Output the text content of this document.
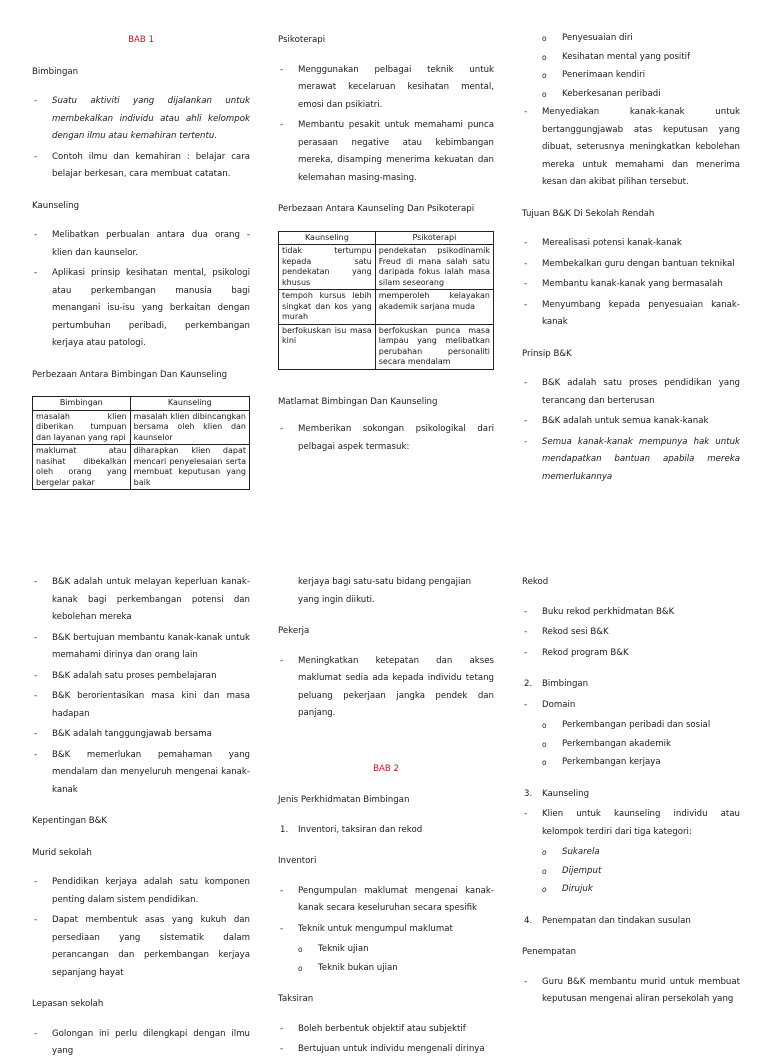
BAB 1
Bimbingan
- Suatu aktiviti yang dijalankan untuk membekalkan individu atau ahli kelompok dengan ilmu atau kemahiran tertentu.
- Contoh ilmu dan kemahiran : belajar cara belajar berkesan, cara membuat catatan.
Kaunseling
- Melibatkan perbualan antara dua orang - klien dan kaunselor.
- Aplikasi prinsip kesihatan mental, psikologi atau perkembangan manusia bagi menangani isu-isu yang berkaitan dengan pertumbuhan peribadi, perkembangan kerjaya atau patologi.
Perbezaan Antara Bimbingan Dan Kaunseling
Bimbingan	Kaunseling
masalah klien diberikan tumpuan dan layanan yang rapi	masalah klien dibincangkan bersama oleh klien dan kaunselor
maklumat atau nasihat dibekalkan oleh orang yang bergelar pakar	diharapkan klien dapat mencari penyelesaian serta membuat keputusan yang baik
Psikoterapi
- Menggunakan pelbagai teknik untuk merawat kecelaruan kesihatan mental, emosi dan psikiatri.
- Membantu pesakit untuk memahami punca perasaan negative atau kebimbangan mereka, disamping menerima kekuatan dan kelemahan masing-masing.
Perbezaan Antara Kaunseling Dan Psikoterapi
Kaunseling	Psikoterapi
tidak tertumpu kepada satu pendekatan yang khusus	pendekatan psikodinamik Freud di mana salah satu daripada fokus ialah masa silam seseorang
tempoh kursus lebih singkat dan kos yang murah	memperoleh kelayakan akademik sarjana muda
berfokuskan isu masa kini	berfokuskan punca masa lampau yang melibatkan perubahan personaliti secara mendalam
Matlamat Bimbingan Dan Kaunseling
- Memberikan sokongan psikologikal dari pelbagai aspek termasuk:
o Penyesuaian diri
o Kesihatan mental yang positif
o Penerimaan kendiri
o Keberkesanan peribadi
- Menyediakan kanak-kanak untuk bertanggungjawab atas keputusan yang dibuat, seterusnya meningkatkan kebolehan mereka untuk memahami dan menerima kesan dan akibat pilihan tersebut.
Tujuan B&K Di Sekolah Rendah
- Merealisasi potensi kanak-kanak
- Membekalkan guru dengan bantuan teknikal
- Membantu kanak-kanak yang bermasalah
- Menyumbang kepada penyesuaian kanak-kanak
Prinsip B&K
- B&K adalah satu proses pendidikan yang terancang dan berterusan
- B&K adalah untuk semua kanak-kanak
- Semua kanak-kanak mempunya hak untuk mendapatkan bantuan apabila mereka memerlukannya
- B&K adalah untuk melayan keperluan kanak-kanak bagi perkembangan potensi dan kebolehan mereka
- B&K bertujuan membantu kanak-kanak untuk memahami dirinya dan orang lain
- B&K adalah satu proses pembelajaran
- B&K berorientasikan masa kini dan masa hadapan
- B&K adalah tanggungjawab bersama
- B&K memerlukan pemahaman yang mendalam dan menyeluruh mengenai kanak-kanak
Kepentingan B&K
Murid sekolah
- Pendidikan kerjaya adalah satu komponen penting dalam sistem pendidikan.
- Dapat membentuk asas yang kukuh dan persediaan yang sistematik dalam perancangan dan perkembangan kerjaya sepanjang hayat
Lepasan sekolah
- Golongan ini perlu dilengkapi dengan ilmu yang
kerjaya bagi satu-satu bidang pengajian yang ingin diikuti.
Pekerja
- Meningkatkan ketepatan dan akses maklumat sedia ada kepada individu tetang peluang pekerjaan jangka pendek dan panjang.
BAB 2
Jenis Perkhidmatan Bimbingan
1. Inventori, taksiran dan rekod
Inventori
- Pengumpulan maklumat mengenai kanak-kanak secara keseluruhan secara spesifik
- Teknik untuk mengumpul maklumat
o Teknik ujian
o Teknik bukan ujian
Taksiran
- Boleh berbentuk objektif atau subjektif
- Bertujuan untuk individu mengenali dirinya
Rekod
- Buku rekod perkhidmatan B&K
- Rekod sesi B&K
- Rekod program B&K
2. Bimbingan
- Domain
o Perkembangan peribadi dan sosial
o Perkembangan akademik
o Perkembangan kerjaya
3. Kaunseling
- Klien untuk kaunseling individu atau kelompok terdiri dari tiga kategori:
o Sukarela
o Dijemput
o Dirujuk
4. Penempatan dan tindakan susulan
Penempatan
- Guru B&K membantu murid untuk membuat keputusan mengenai aliran persekolah yang
